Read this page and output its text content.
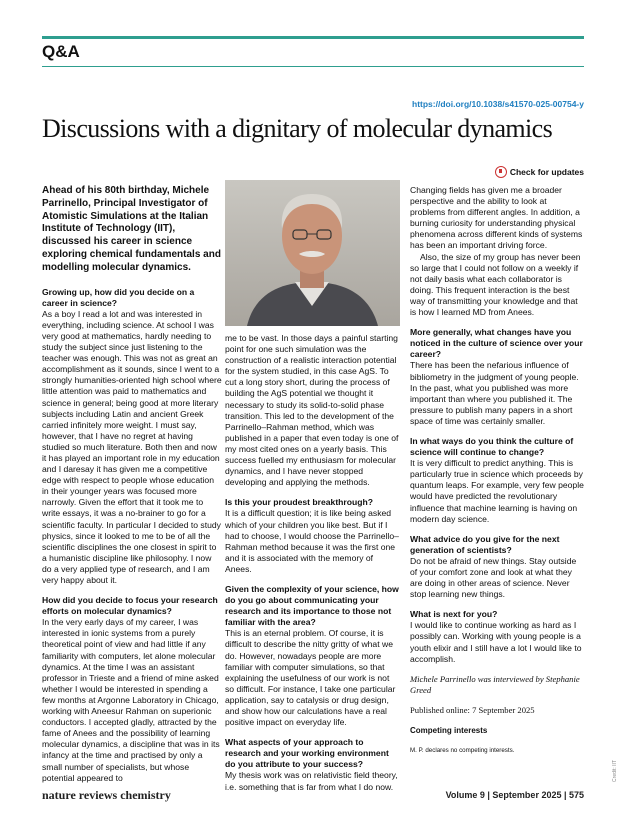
Q&A
https://doi.org/10.1038/s41570-025-00754-y
Discussions with a dignitary of molecular dynamics
Check for updates

Ahead of his 80th birthday, Michele Parrinello, Principal Investigator of Atomistic Simulations at the Italian Institute of Technology (IIT), discussed his career in science exploring chemical fundamentals and modelling molecular dynamics.

Growing up, how did you decide on a career in science?

As a boy I read a lot and was interested in everything, including science. At school I was very good at mathematics, hardly needing to study the subject since just listening to the teacher was enough. This was not as great an accomplishment as it sounds, since I went to a strongly humanities-oriented high school where little attention was paid to mathematics and science in general; being good at more literary subjects including Latin and ancient Greek carried infinitely more weight. I must say, however, that I have no regret at having studied so much literature. Both then and now it has played an important role in my education and I daresay it has given me a competitive edge with respect to people whose education in their younger years was focused more narrowly. Given the effort that it took me to write essays, it was a no-brainer to go for a scientific faculty. In particular I decided to study physics, since it looked to me to be of all the scientific disciplines the one closest in spirit to a humanistic discipline like philosophy. I now do a very applied type of research, and I am very happy about it.

How did you decide to focus your research efforts on molecular dynamics?

In the very early days of my career, I was interested in ionic systems from a purely theoretical point of view and had little if any familiarity with computers, let alone molecular dynamics. At the time I was an assistant professor in Trieste and a friend of mine asked whether I would be interested in spending a few months at Argonne Laboratory in Chicago, working with Aneesur Rahman on superionic conductors. I accepted gladly, attracted by the fame of Anees and the possibility of learning molecular dynamics, a discipline that was in its infancy at the time and practised by only a small number of specialists, but whose potential appeared to

me to be vast. In those days a painful starting point for one such simulation was the construction of a realistic interaction potential for the system studied, in this case AgS. To cut a long story short, during the process of building the AgS potential we thought it necessary to study its solid-to-solid phase transition. This led to the development of the Parrinello–Rahman method, which was published in a paper that even today is one of my most cited ones on a yearly basis. This success fuelled my enthusiasm for molecular dynamics, and I have never stopped developing and applying the methods.

Is this your proudest breakthrough?

It is a difficult question; it is like being asked which of your children you like best. But if I had to choose, I would choose the Parrinello–Rahman method because it was the first one and it is associated with the memory of Anees.

Given the complexity of your science, how do you go about communicating your research and its importance to those not familiar with the area?

This is an eternal problem. Of course, it is difficult to describe the nitty gritty of what we do. However, nowadays people are more familiar with computer simulations, so that explaining the usefulness of our work is not so difficult. For instance, I take one particular application, say to catalysis or drug design, and show how our calculations have a real positive impact on everyday life.

What aspects of your approach to research and your working environment do you attribute to your success?

My thesis work was on relativistic field theory, i.e. something that is far from what I do now.

Changing fields has given me a broader perspective and the ability to look at problems from different angles. In addition, a burning curiosity for understanding physical phenomena across different kinds of systems has been an important driving force.

Also, the size of my group has never been so large that I could not follow on a weekly if not daily basis what each collaborator is doing. This frequent interaction is the best way of transmitting your knowledge and that is how I learned MD from Anees.

More generally, what changes have you noticed in the culture of science over your career?

There has been the nefarious influence of bibliometry in the judgment of young people. In the past, what you published was more important than where you published it. The pressure to publish many papers in a short space of time was certainly smaller.

In what ways do you think the culture of science will continue to change?

It is very difficult to predict anything. This is particularly true in science which proceeds by quantum leaps. For example, very few people would have predicted the revolutionary influence that machine learning is having on modern day science.

What advice do you give for the next generation of scientists?

Do not be afraid of new things. Stay outside of your comfort zone and look at what they are doing in other areas of science. Never stop learning new things.

What is next for you?

I would like to continue working as hard as I possibly can. Working with young people is a youth elixir and I still have a lot I would like to accomplish.

Michele Parrinello was interviewed by Stephanie Greed

Published online: 7 September 2025

Competing interests

M. P. declares no competing interests.

nature reviews chemistry	Volume 9 | September 2025 | 575
Credit: IIT
